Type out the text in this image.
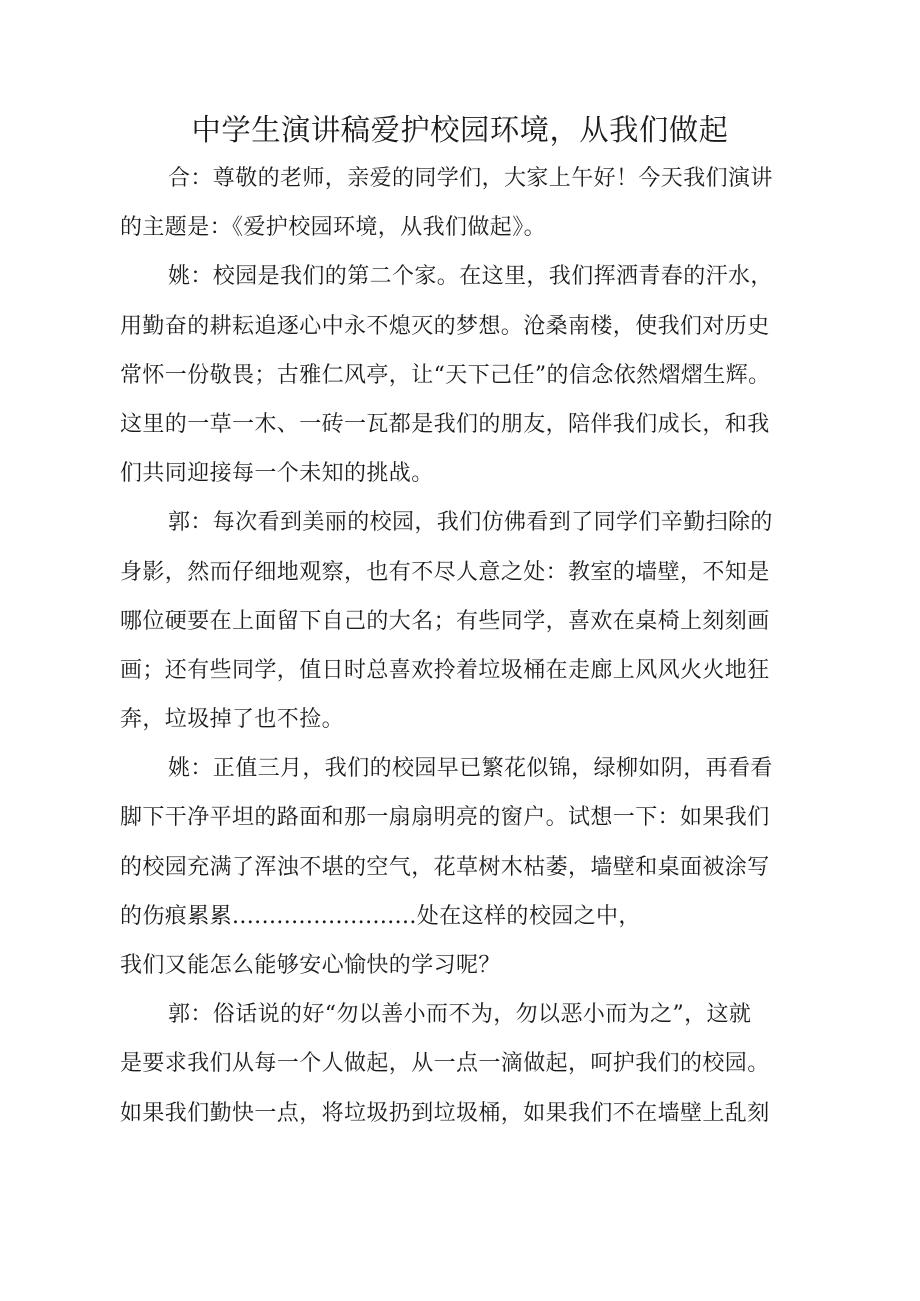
中学生演讲稿爱护校园环境，从我们做起
合：尊敬的老师，亲爱的同学们，大家上午好！今天我们演讲
的主题是：《爱护校园环境，从我们做起》。
姚：校园是我们的第二个家。在这里，我们挥洒青春的汗水，
用勤奋的耕耘追逐心中永不熄灭的梦想。沧桑南楼，使我们对历史
常怀一份敬畏；古雅仁风亭，让“天下己任”的信念依然熠熠生辉。
这里的一草一木、一砖一瓦都是我们的朋友，陪伴我们成长，和我
们共同迎接每一个未知的挑战。
郭：每次看到美丽的校园，我们仿佛看到了同学们辛勤扫除的
身影，然而仔细地观察，也有不尽人意之处：教室的墙壁，不知是
哪位硬要在上面留下自己的大名；有些同学，喜欢在桌椅上刻刻画
画；还有些同学，值日时总喜欢拎着垃圾桶在走廊上风风火火地狂
奔，垃圾掉了也不捡。
姚：正值三月，我们的校园早已繁花似锦，绿柳如阴，再看看
脚下干净平坦的路面和那一扇扇明亮的窗户。试想一下：如果我们
的校园充满了浑浊不堪的空气，花草树木枯萎，墙壁和桌面被涂写
的伤痕累累.........................处在这样的校园之中，
我们又能怎么能够安心愉快的学习呢？
郭：俗话说的好“勿以善小而不为，勿以恶小而为之”，这就
是要求我们从每一个人做起，从一点一滴做起，呵护我们的校园。
如果我们勤快一点，将垃圾扔到垃圾桶，如果我们不在墙壁上乱刻
